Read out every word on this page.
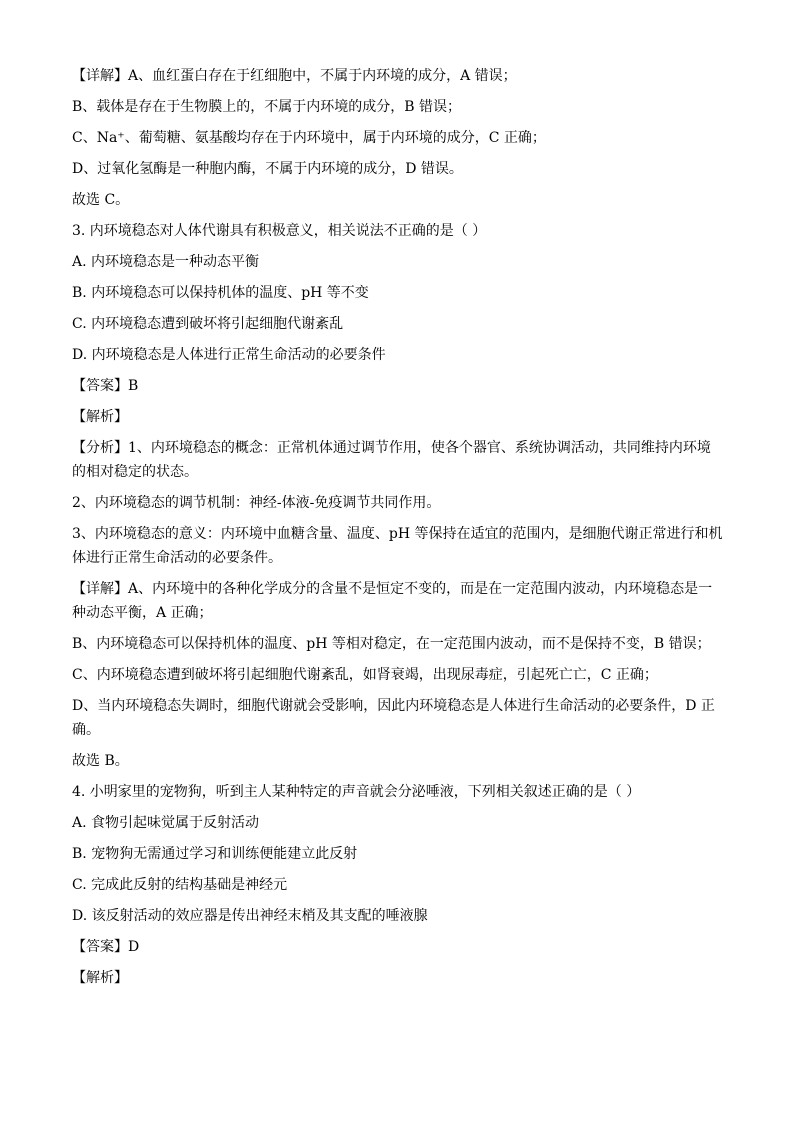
【详解】A、血红蛋白存在于红细胞中，不属于内环境的成分，A 错误；

B、载体是存在于生物膜上的，不属于内环境的成分，B 错误；

C、Na⁺、葡萄糖、氨基酸均存在于内环境中，属于内环境的成分，C 正确；

D、过氧化氢酶是一种胞内酶，不属于内环境的成分，D 错误。

故选 C。

3. 内环境稳态对人体代谢具有积极意义，相关说法不正确的是（ ）

A. 内环境稳态是一种动态平衡

B. 内环境稳态可以保持机体的温度、pH 等不变

C. 内环境稳态遭到破坏将引起细胞代谢紊乱

D. 内环境稳态是人体进行正常生命活动的必要条件

【答案】B

【解析】

【分析】1、内环境稳态的概念：正常机体通过调节作用，使各个器官、系统协调活动，共同维持内环境

的相对稳定的状态。

2、内环境稳态的调节机制：神经-体液-免疫调节共同作用。

3、内环境稳态的意义：内环境中血糖含量、温度、pH 等保持在适宜的范围内，是细胞代谢正常进行和机

体进行正常生命活动的必要条件。

【详解】A、内环境中的各种化学成分的含量不是恒定不变的，而是在一定范围内波动，内环境稳态是一

种动态平衡，A 正确；

B、内环境稳态可以保持机体的温度、pH 等相对稳定，在一定范围内波动，而不是保持不变，B 错误；

C、内环境稳态遭到破坏将引起细胞代谢紊乱，如肾衰竭，出现尿毒症，引起死亡亡，C 正确；

D、当内环境稳态失调时，细胞代谢就会受影响，因此内环境稳态是人体进行生命活动的必要条件，D 正

确。

故选 B。

4. 小明家里的宠物狗，听到主人某种特定的声音就会分泌唾液，下列相关叙述正确的是（ ）

A. 食物引起味觉属于反射活动

B. 宠物狗无需通过学习和训练便能建立此反射

C. 完成此反射的结构基础是神经元

D. 该反射活动的效应器是传出神经末梢及其支配的唾液腺

【答案】D

【解析】
